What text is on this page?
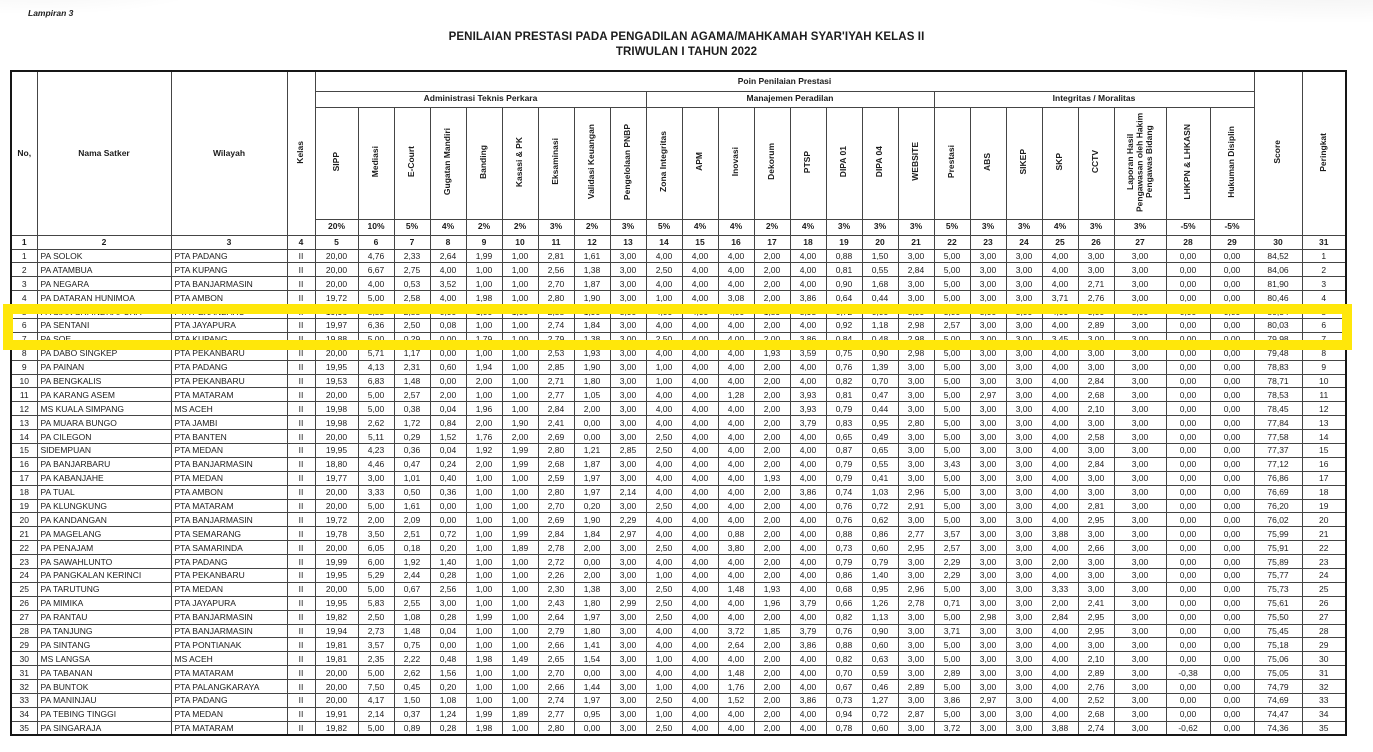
Lampiran 3
PENILAIAN PRESTASI PADA PENGADILAN AGAMA/MAHKAMAH SYAR'IYAH KELAS II
TRIWULAN I TAHUN 2022
No,	Nama Satker	Wilayah	Kelas	Poin Penilaian Prestasi																									Score	Peringkat
				Administrasi Teknis Perkara									Manajemen Peradilan								Integritas / Moralitas									
				SIPP	Mediasi	E-Court	Gugatan Mandiri	Banding	Kasasi & PK	Eksaminasi	Validasi Keuangan	Pengelolaan PNBP	Zona Integritas	APM	Inovasi	Dekorum	PTSP	DIPA 01	DIPA 04	WEBSITE	Prestasi	ABS	SIKEP	SKP	CCTV	Laporan Hasil Pengawasan oleh Hakim Pengawas Bidang	LHKPN & LHKASN	Hukuman Disiplin		
				20%	10%	5%	4%	2%	2%	3%	2%	3%	5%	4%	4%	2%	4%	3%	3%	3%	5%	3%	3%	4%	3%	3%	-5%	-5%		
1	2	3	4	5	6	7	8	9	10	11	12	13	14	15	16	17	18	19	20	21	22	23	24	25	26	27	28	29	30	31
1	PA SOLOK	PTA PADANG	II	20,00	4,76	2,33	2,64	1,99	1,00	2,81	1,61	3,00	4,00	4,00	4,00	2,00	4,00	0,88	1,50	3,00	5,00	3,00	3,00	4,00	3,00	3,00	0,00	0,00	84,52	1
2	PA ATAMBUA	PTA KUPANG	II	20,00	6,67	2,75	4,00	1,00	1,00	2,56	1,38	3,00	2,50	4,00	4,00	2,00	4,00	0,81	0,55	2,84	5,00	3,00	3,00	4,00	3,00	3,00	0,00	0,00	84,06	2
3	PA NEGARA	PTA BANJARMASIN	II	20,00	4,00	0,53	3,52	1,00	1,00	2,70	1,87	3,00	4,00	4,00	4,00	2,00	4,00	0,90	1,68	3,00	5,00	3,00	3,00	4,00	2,71	3,00	0,00	0,00	81,90	3
4	PA DATARAN HUNIMOA	PTA AMBON	II	19,72	5,00	2,58	4,00	1,98	1,00	2,80	1,90	3,00	1,00	4,00	3,08	2,00	3,86	0,64	0,44	3,00	5,00	3,00	3,00	3,71	2,76	3,00	0,00	0,00	80,46	4
5	PA SIAK SRI INDRAPURA	PTA PEKANBARU	II	19,96	5,55	2,55	0,00	1,00	1,00	2,58	1,90	3,00	4,00	4,00	4,00	1,59	3,93	0,72	0,00	3,00	3,00	3,00	3,00	4,00	3,00	3,00	0,00	0,00	80,34	5
6	PA SENTANI	PTA JAYAPURA	II	19,97	6,36	2,50	0,08	1,00	1,00	2,74	1,84	3,00	4,00	4,00	4,00	2,00	4,00	0,92	1,18	2,98	2,57	3,00	3,00	4,00	2,89	3,00	0,00	0,00	80,03	6
7	PA SOE	PTA KUPANG	II	19,88	5,00	0,29	0,00	1,79	1,00	2,79	1,38	3,00	2,50	4,00	4,00	2,00	3,86	0,84	0,48	2,98	5,00	3,00	3,00	3,45	3,00	3,00	0,00	0,00	79,98	7
8	PA DABO SINGKEP	PTA PEKANBARU	II	20,00	5,71	1,17	0,00	1,00	1,00	2,53	1,93	3,00	4,00	4,00	4,00	1,93	3,59	0,75	0,90	2,98	5,00	3,00	3,00	4,00	3,00	3,00	0,00	0,00	79,48	8
9	PA PAINAN	PTA PADANG	II	19,95	4,13	2,31	0,60	1,94	1,00	2,85	1,90	3,00	1,00	4,00	4,00	2,00	4,00	0,76	1,39	3,00	5,00	3,00	3,00	4,00	3,00	3,00	0,00	0,00	78,83	9
10	PA BENGKALIS	PTA PEKANBARU	II	19,53	6,83	1,48	0,00	2,00	1,00	2,71	1,80	3,00	1,00	4,00	4,00	2,00	4,00	0,82	0,70	3,00	5,00	3,00	3,00	4,00	2,84	3,00	0,00	0,00	78,71	10
11	PA KARANG ASEM	PTA MATARAM	II	20,00	5,00	2,57	2,00	1,00	1,00	2,77	1,05	3,00	4,00	4,00	1,28	2,00	3,93	0,81	0,47	3,00	5,00	2,97	3,00	4,00	2,68	3,00	0,00	0,00	78,53	11
12	MS KUALA SIMPANG	MS ACEH	II	19,98	5,00	0,38	0,04	1,96	1,00	2,84	2,00	3,00	4,00	4,00	4,00	2,00	3,93	0,79	0,44	3,00	5,00	3,00	3,00	4,00	2,10	3,00	0,00	0,00	78,45	12
13	PA MUARA BUNGO	PTA JAMBI	II	19,98	2,62	1,72	0,84	2,00	1,90	2,41	0,00	3,00	4,00	4,00	4,00	2,00	3,79	0,83	0,95	2,80	5,00	3,00	3,00	4,00	3,00	3,00	0,00	0,00	77,84	13
14	PA CILEGON	PTA BANTEN	II	20,00	5,11	0,29	1,52	1,76	2,00	2,69	0,00	3,00	2,50	4,00	4,00	2,00	4,00	0,65	0,49	3,00	5,00	3,00	3,00	4,00	2,58	3,00	0,00	0,00	77,58	14
15	SIDEMPUAN	PTA MEDAN	II	19,95	4,23	0,36	0,04	1,92	1,99	2,80	1,21	2,85	2,50	4,00	4,00	2,00	4,00	0,87	0,65	3,00	5,00	3,00	3,00	4,00	3,00	3,00	0,00	0,00	77,37	15
16	PA BANJARBARU	PTA BANJARMASIN	II	18,80	4,46	0,47	0,24	2,00	1,99	2,68	1,87	3,00	4,00	4,00	4,00	2,00	4,00	0,79	0,55	3,00	3,43	3,00	3,00	4,00	2,84	3,00	0,00	0,00	77,12	16
17	PA KABANJAHE	PTA MEDAN	II	19,77	3,00	1,01	0,40	1,00	1,00	2,59	1,97	3,00	4,00	4,00	4,00	1,93	4,00	0,79	0,41	3,00	5,00	3,00	3,00	4,00	3,00	3,00	0,00	0,00	76,86	17
18	PA TUAL	PTA AMBON	II	20,00	3,33	0,50	0,36	1,00	1,00	2,80	1,97	2,14	4,00	4,00	4,00	2,00	3,86	0,74	1,03	2,96	5,00	3,00	3,00	4,00	3,00	3,00	0,00	0,00	76,69	18
19	PA KLUNGKUNG	PTA MATARAM	II	20,00	5,00	1,61	0,00	1,00	1,00	2,70	0,20	3,00	2,50	4,00	4,00	2,00	4,00	0,76	0,72	2,91	5,00	3,00	3,00	4,00	2,81	3,00	0,00	0,00	76,20	19
20	PA KANDANGAN	PTA BANJARMASIN	II	19,72	2,00	2,09	0,00	1,00	1,00	2,69	1,90	2,29	4,00	4,00	4,00	2,00	4,00	0,76	0,62	3,00	5,00	3,00	3,00	4,00	2,95	3,00	0,00	0,00	76,02	20
21	PA MAGELANG	PTA SEMARANG	II	19,78	3,50	2,51	0,72	1,00	1,99	2,84	1,84	2,97	4,00	4,00	0,88	2,00	4,00	0,88	0,86	2,77	3,57	3,00	3,00	3,88	3,00	3,00	0,00	0,00	75,99	21
22	PA PENAJAM	PTA SAMARINDA	II	20,00	6,05	0,18	0,20	1,00	1,89	2,78	2,00	3,00	2,50	4,00	3,80	2,00	4,00	0,73	0,60	2,95	2,57	3,00	3,00	4,00	2,66	3,00	0,00	0,00	75,91	22
23	PA SAWAHLUNTO	PTA PADANG	II	19,99	6,00	1,92	1,40	1,00	1,00	2,72	0,00	3,00	4,00	4,00	4,00	2,00	4,00	0,79	0,79	3,00	2,29	3,00	3,00	2,00	3,00	3,00	0,00	0,00	75,89	23
24	PA PANGKALAN KERINCI	PTA PEKANBARU	II	19,95	5,29	2,44	0,28	1,00	1,00	2,26	2,00	3,00	1,00	4,00	4,00	2,00	4,00	0,86	1,40	3,00	2,29	3,00	3,00	4,00	3,00	3,00	0,00	0,00	75,77	24
25	PA TARUTUNG	PTA MEDAN	II	20,00	5,00	0,67	2,56	1,00	1,00	2,30	1,38	3,00	2,50	4,00	1,48	1,93	4,00	0,68	0,95	2,96	5,00	3,00	3,00	3,33	3,00	3,00	0,00	0,00	75,73	25
26	PA MIMIKA	PTA JAYAPURA	II	19,95	5,83	2,55	3,00	1,00	1,00	2,43	1,80	2,99	2,50	4,00	4,00	1,96	3,79	0,66	1,26	2,78	0,71	3,00	3,00	2,00	2,41	3,00	0,00	0,00	75,61	26
27	PA RANTAU	PTA BANJARMASIN	II	19,82	2,50	1,08	0,28	1,99	1,00	2,64	1,97	3,00	2,50	4,00	4,00	2,00	4,00	0,82	1,13	3,00	5,00	2,98	3,00	2,84	2,95	3,00	0,00	0,00	75,50	27
28	PA TANJUNG	PTA BANJARMASIN	II	19,94	2,73	1,48	0,04	1,00	1,00	2,79	1,80	3,00	4,00	4,00	3,72	1,85	3,79	0,76	0,90	3,00	3,71	3,00	3,00	4,00	2,95	3,00	0,00	0,00	75,45	28
29	PA SINTANG	PTA PONTIANAK	II	19,81	3,57	0,75	0,00	1,00	1,00	2,66	1,41	3,00	4,00	4,00	2,64	2,00	3,86	0,88	0,60	3,00	5,00	3,00	3,00	4,00	3,00	3,00	0,00	0,00	75,18	29
30	MS LANGSA	MS ACEH	II	19,81	2,35	2,22	0,48	1,98	1,49	2,65	1,54	3,00	1,00	4,00	4,00	2,00	4,00	0,82	0,63	3,00	5,00	3,00	3,00	4,00	2,10	3,00	0,00	0,00	75,06	30
31	PA TABANAN	PTA MATARAM	II	20,00	5,00	2,62	1,56	1,00	1,00	2,70	0,00	3,00	4,00	4,00	1,48	2,00	4,00	0,70	0,59	3,00	2,89	3,00	3,00	4,00	2,89	3,00	-0,38	0,00	75,05	31
32	PA BUNTOK	PTA PALANGKARAYA	II	20,00	7,50	0,45	0,20	1,00	1,00	2,66	1,44	3,00	1,00	4,00	1,76	2,00	4,00	0,67	0,46	2,89	5,00	3,00	3,00	4,00	2,76	3,00	0,00	0,00	74,79	32
33	PA MANINJAU	PTA PADANG	II	20,00	4,17	1,50	1,08	1,00	1,00	2,74	1,97	3,00	2,50	4,00	1,52	2,00	3,86	0,73	1,27	3,00	3,86	2,97	3,00	4,00	2,52	3,00	0,00	0,00	74,69	33
34	PA TEBING TINGGI	PTA MEDAN	II	19,91	2,14	0,37	1,24	1,99	1,89	2,77	0,95	3,00	1,00	4,00	4,00	2,00	4,00	0,94	0,72	2,87	5,00	3,00	3,00	4,00	2,68	3,00	0,00	0,00	74,47	34
35	PA SINGARAJA	PTA MATARAM	II	19,82	5,00	0,89	0,28	1,98	1,00	2,80	0,00	3,00	2,50	4,00	4,00	2,00	4,00	0,78	0,60	3,00	3,72	3,00	3,00	3,88	2,74	3,00	-0,62	0,00	74,36	35
